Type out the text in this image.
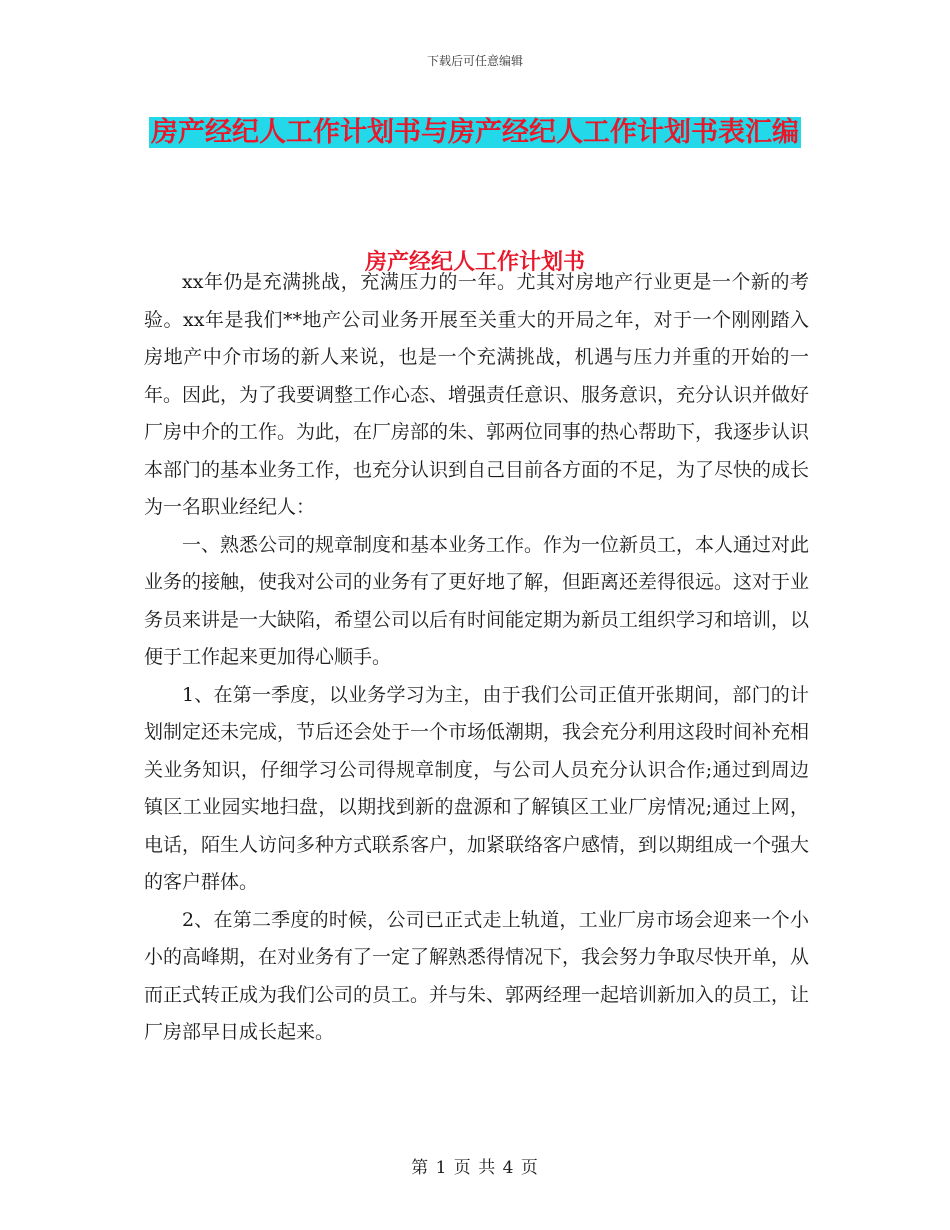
下载后可任意编辑
房产经纪人工作计划书与房产经纪人工作计划书表汇编
房产经纪人工作计划书

xx年仍是充满挑战，充满压力的一年。尤其对房地产行业更是一个新的考验。xx年是我们**地产公司业务开展至关重大的开局之年，对于一个刚刚踏入房地产中介市场的新人来说，也是一个充满挑战，机遇与压力并重的开始的一年。因此，为了我要调整工作心态、增强责任意识、服务意识，充分认识并做好厂房中介的工作。为此，在厂房部的朱、郭两位同事的热心帮助下，我逐步认识本部门的基本业务工作，也充分认识到自己目前各方面的不足，为了尽快的成长为一名职业经纪人：

一、熟悉公司的规章制度和基本业务工作。作为一位新员工，本人通过对此业务的接触，使我对公司的业务有了更好地了解，但距离还差得很远。这对于业务员来讲是一大缺陷，希望公司以后有时间能定期为新员工组织学习和培训，以便于工作起来更加得心顺手。

1、在第一季度，以业务学习为主，由于我们公司正值开张期间，部门的计划制定还未完成，节后还会处于一个市场低潮期，我会充分利用这段时间补充相关业务知识，仔细学习公司得规章制度，与公司人员充分认识合作;通过到周边镇区工业园实地扫盘，以期找到新的盘源和了解镇区工业厂房情况;通过上网，电话，陌生人访问多种方式联系客户，加紧联络客户感情，到以期组成一个强大的客户群体。

2、在第二季度的时候，公司已正式走上轨道，工业厂房市场会迎来一个小小的高峰期，在对业务有了一定了解熟悉得情况下，我会努力争取尽快开单，从而正式转正成为我们公司的员工。并与朱、郭两经理一起培训新加入的员工，让厂房部早日成长起来。

第 1 页 共 4 页
